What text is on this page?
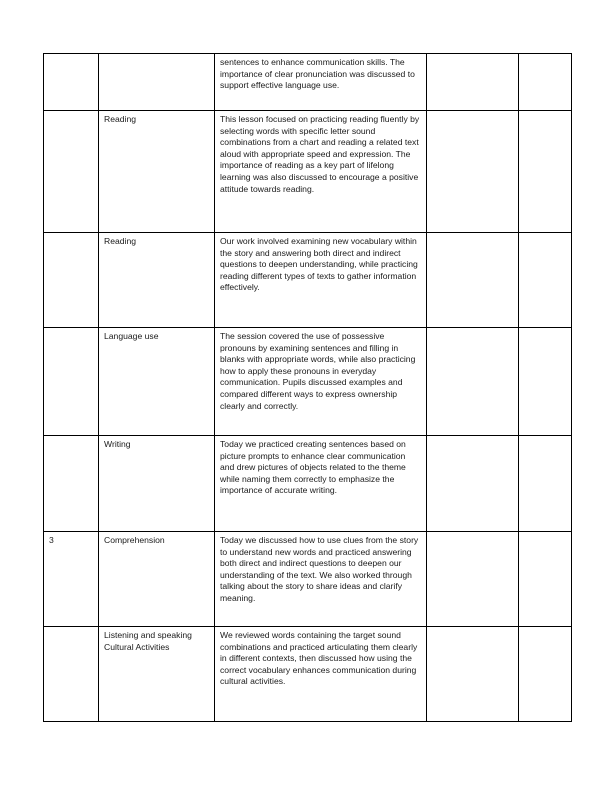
		sentences to enhance communication skills. The importance of clear pronunciation was discussed to support effective language use.		
	Reading	This lesson focused on practicing reading fluently by selecting words with specific letter sound combinations from a chart and reading a related text aloud with appropriate speed and expression. The importance of reading as a key part of lifelong learning was also discussed to encourage a positive attitude towards reading.		
	Reading	Our work involved examining new vocabulary within the story and answering both direct and indirect questions to deepen understanding, while practicing reading different types of texts to gather information effectively.		
	Language use	The session covered the use of possessive pronouns by examining sentences and filling in blanks with appropriate words, while also practicing how to apply these pronouns in everyday communication. Pupils discussed examples and compared different ways to express ownership clearly and correctly.		
	Writing	Today we practiced creating sentences based on picture prompts to enhance clear communication and drew pictures of objects related to the theme while naming them correctly to emphasize the importance of accurate writing.		
3	Comprehension	Today we discussed how to use clues from the story to understand new words and practiced answering both direct and indirect questions to deepen our understanding of the text. We also worked through talking about the story to share ideas and clarify meaning.		
	Listening and speaking Cultural Activities	We reviewed words containing the target sound combinations and practiced articulating them clearly in different contexts, then discussed how using the correct vocabulary enhances communication during cultural activities.		
